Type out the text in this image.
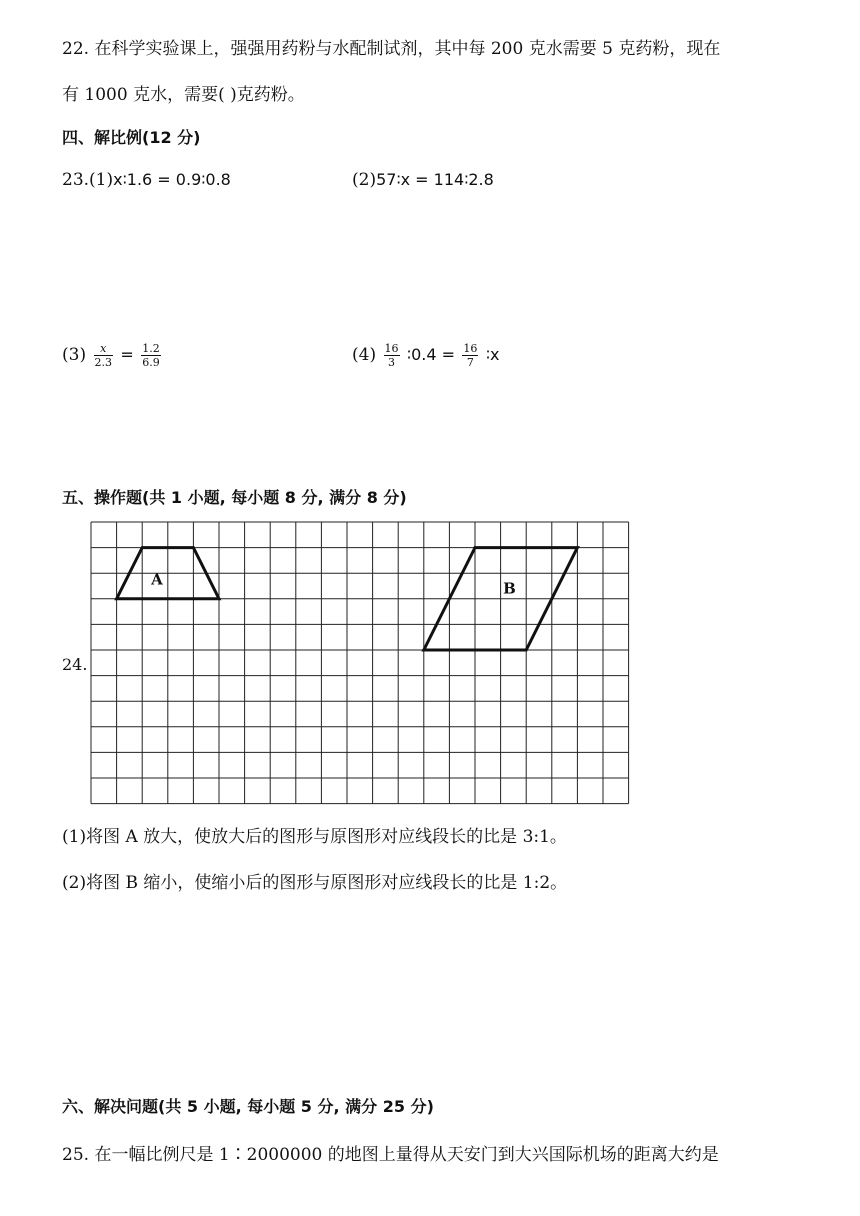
22. 在科学实验课上，强强用药粉与水配制试剂，其中每 200 克水需要 5 克药粉，现在
有 1000 克水，需要( )克药粉。
四、解比例(12 分)
23.(1)x∶1.6 = 0.9∶0.8	(2)57∶x = 114∶2.8
$(3) \frac{x}{2.3} = \frac{1.2}{6.9}$	$(4) \frac{16}{3}$ ∶0.4 = $\frac{16}{7}$ ∶x
五、操作题(共 1 小题, 每小题 8 分, 满分 8 分)
24.
A	B
(1)将图 A 放大，使放大后的图形与原图形对应线段长的比是 3:1。
(2)将图 B 缩小，使缩小后的图形与原图形对应线段长的比是 1:2。
六、解决问题(共 5 小题, 每小题 5 分, 满分 25 分)
25. 在一幅比例尺是 1∶2000000 的地图上量得从天安门到大兴国际机场的距离大约是
